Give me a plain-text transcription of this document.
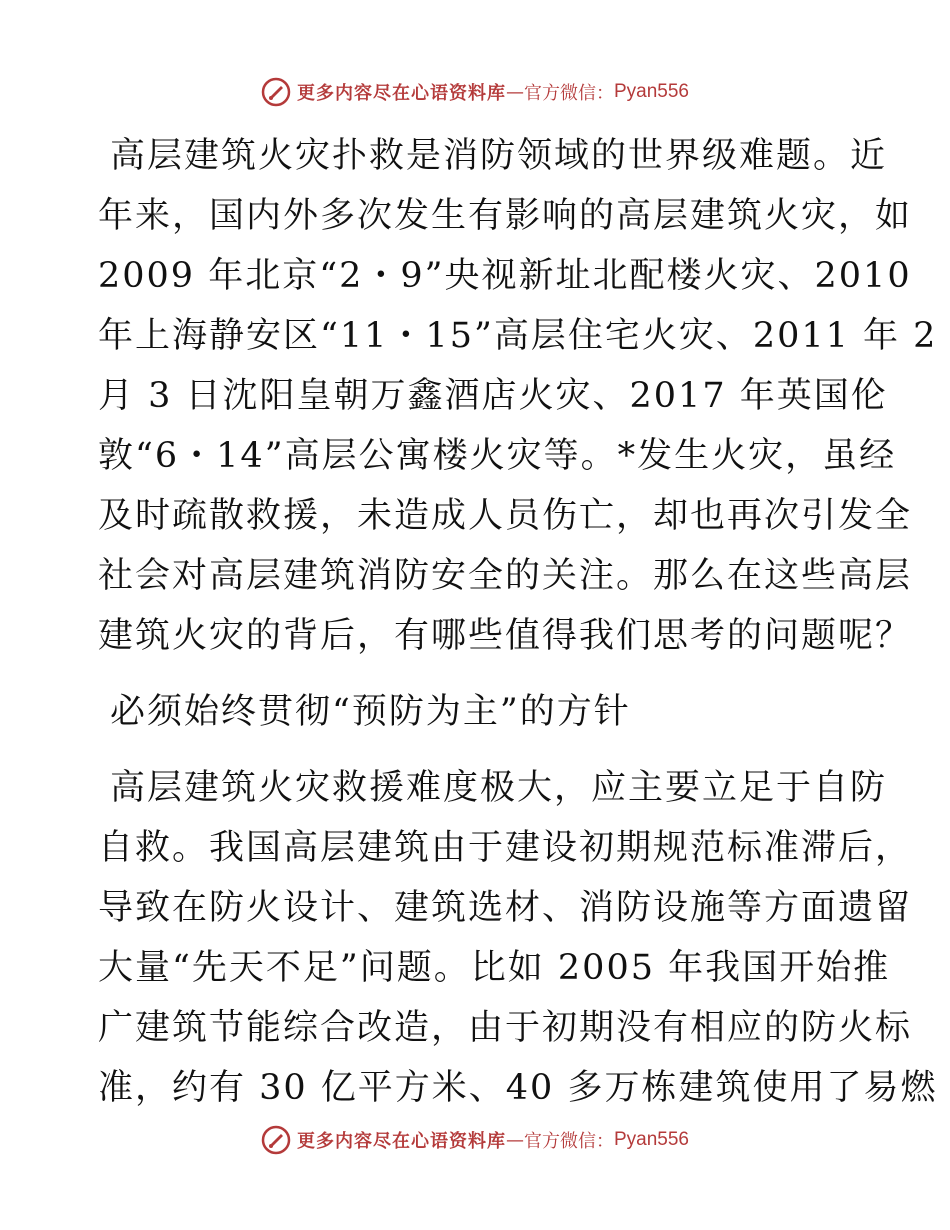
更多内容尽在心语资料库 — 官方微信： Pyan556
高层建筑火灾扑救是消防领域的世界级难题。近
年来，国内外多次发生有影响的高层建筑火灾，如
2009 年北京“2・9”央视新址北配楼火灾、2010
年上海静安区“11・15”高层住宅火灾、2011 年 2
月 3 日沈阳皇朝万鑫酒店火灾、2017 年英国伦
敦“6・14”高层公寓楼火灾等。*发生火灾，虽经
及时疏散救援，未造成人员伤亡，却也再次引发全
社会对高层建筑消防安全的关注。那么在这些高层
建筑火灾的背后，有哪些值得我们思考的问题呢？
必须始终贯彻“预防为主”的方针
高层建筑火灾救援难度极大，应主要立足于自防
自救。我国高层建筑由于建设初期规范标准滞后，
导致在防火设计、建筑选材、消防设施等方面遗留
大量“先天不足”问题。比如 2005 年我国开始推
广建筑节能综合改造，由于初期没有相应的防火标
准，约有 30 亿平方米、40 多万栋建筑使用了易燃
更多内容尽在心语资料库 — 官方微信： Pyan556
